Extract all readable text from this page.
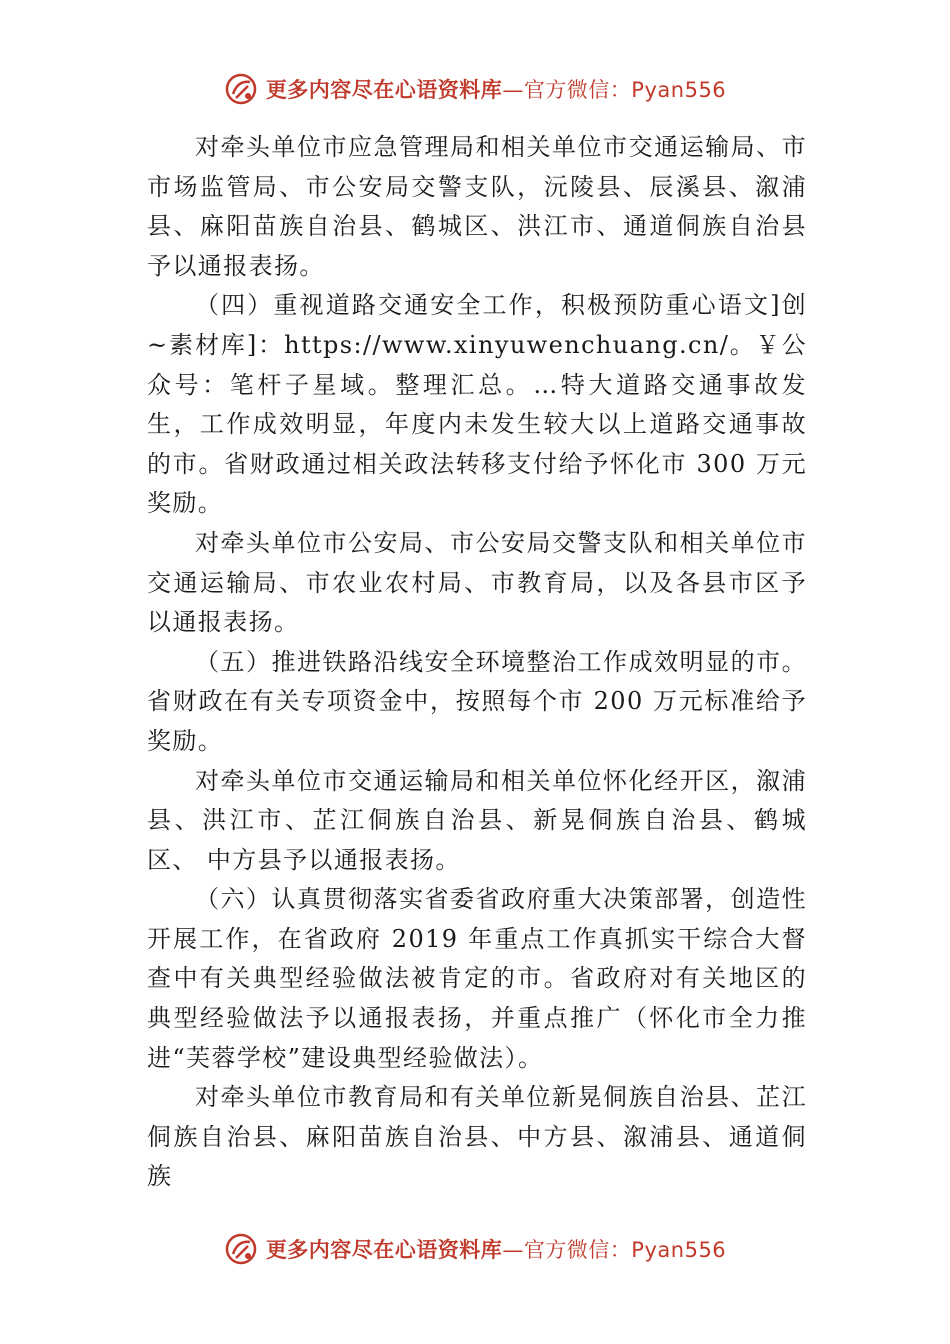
更多内容尽在心语资料库—官方微信：Pyan556

对牵头单位市应急管理局和相关单位市交通运输局、市市场监管局、市公安局交警支队，沅陵县、辰溪县、溆浦县、麻阳苗族自治县、鹤城区、洪江市、通道侗族自治县予以通报表扬。

（四）重视道路交通安全工作，积极预防重心语文]创~素材库]：https://www.xinyuwenchuang.cn/。￥公众号：笔杆子星域。整理汇总。…特大道路交通事故发生，工作成效明显，年度内未发生较大以上道路交通事故的市。省财政通过相关政法转移支付给予怀化市 300 万元奖励。

对牵头单位市公安局、市公安局交警支队和相关单位市交通运输局、市农业农村局、市教育局，以及各县市区予以通报表扬。

（五）推进铁路沿线安全环境整治工作成效明显的市。省财政在有关专项资金中，按照每个市 200 万元标准给予奖励。

对牵头单位市交通运输局和相关单位怀化经开区，溆浦县、洪江市、芷江侗族自治县、新晃侗族自治县、鹤城区、 中方县予以通报表扬。

（六）认真贯彻落实省委省政府重大决策部署，创造性开展工作，在省政府 2019 年重点工作真抓实干综合大督查中有关典型经验做法被肯定的市。省政府对有关地区的典型经验做法予以通报表扬，并重点推广（怀化市全力推进“芙蓉学校”建设典型经验做法）。

对牵头单位市教育局和有关单位新晃侗族自治县、芷江侗族自治县、麻阳苗族自治县、中方县、溆浦县、通道侗族

更多内容尽在心语资料库—官方微信：Pyan556
